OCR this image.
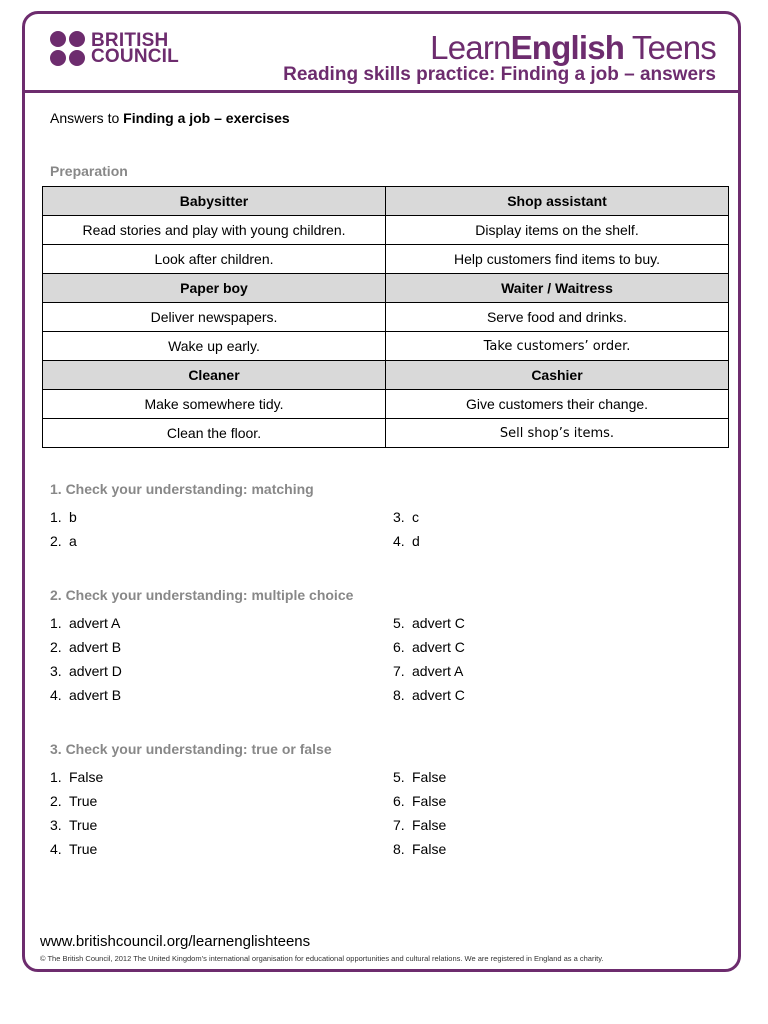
BRITISH
COUNCIL	LearnEnglish Teens
Reading skills practice: Finding a job – answers
Answers to Finding a job – exercises
Preparation
Babysitter	Shop assistant
Read stories and play with young children.	Display items on the shelf.
Look after children.	Help customers find items to buy.
Paper boy	Waiter / Waitress
Deliver newspapers.	Serve food and drinks.
Wake up early.	Take customers’ order.
Cleaner	Cashier
Make somewhere tidy.	Give customers their change.
Clean the floor.	Sell shop’s items.
1. Check your understanding: matching
1. b
2. a
3. c
4. d
2. Check your understanding: multiple choice
1. advert A
2. advert B
3. advert D
4. advert B
5. advert C
6. advert C
7. advert A
8. advert C
3. Check your understanding: true or false
1. False
2. True
3. True
4. True
5. False
6. False
7. False
8. False
www.britishcouncil.org/learnenglishteens
© The British Council, 2012 The United Kingdom’s international organisation for educational opportunities and cultural relations. We are registered in England as a charity.
